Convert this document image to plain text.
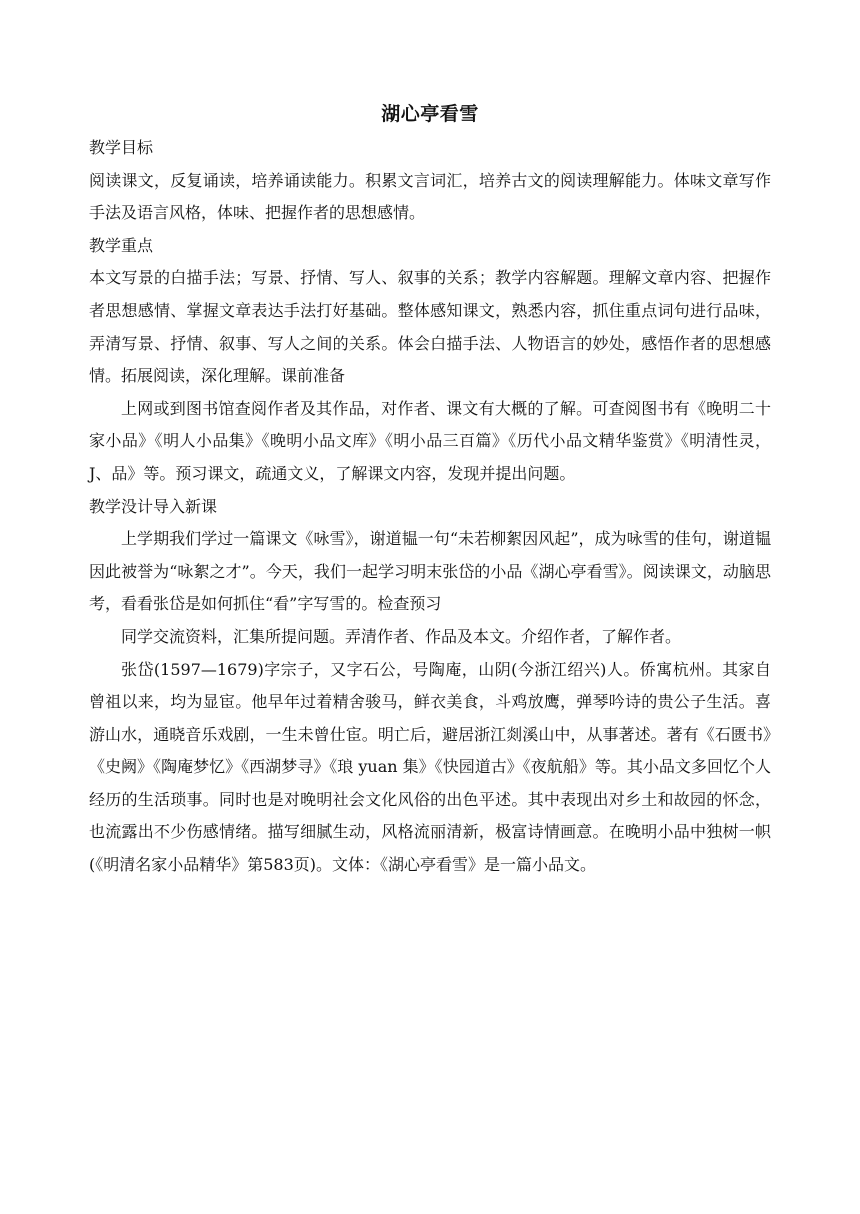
湖心亭看雪

教学目标

阅读课文，反复诵读，培养诵读能力。积累文言词汇，培养古文的阅读理解能力。体味文章写作手法及语言风格，体味、把握作者的思想感情。

教学重点

本文写景的白描手法；写景、抒情、写人、叙事的关系；教学内容解题。理解文章内容、把握作者思想感情、掌握文章表达手法打好基础。整体感知课文，熟悉内容，抓住重点词句进行品味，弄清写景、抒情、叙事、写人之间的关系。体会白描手法、人物语言的妙处，感悟作者的思想感情。拓展阅读，深化理解。课前准备

上网或到图书馆查阅作者及其作品，对作者、课文有大概的了解。可查阅图书有《晚明二十家小品》《明人小品集》《晚明小品文库》《明小品三百篇》《历代小品文精华鉴赏》《明清性灵，J、品》等。预习课文，疏通文义，了解课文内容，发现并提出问题。

教学没计导入新课

上学期我们学过一篇课文《咏雪》，谢道韫一句“未若柳絮因风起”，成为咏雪的佳句，谢道韫因此被誉为“咏絮之才”。今天，我们一起学习明末张岱的小品《湖心亭看雪》。阅读课文，动脑思考，看看张岱是如何抓住“看”字写雪的。检查预习

同学交流资料，汇集所提问题。弄清作者、作品及本文。介绍作者，了解作者。

张岱(1597—1679)字宗子，又字石公，号陶庵，山阴(今浙江绍兴)人。侨寓杭州。其家自曾祖以来，均为显宦。他早年过着精舍骏马，鲜衣美食，斗鸡放鹰，弹琴吟诗的贵公子生活。喜游山水，通晓音乐戏剧，一生未曾仕宦。明亡后，避居浙江剡溪山中，从事著述。著有《石匮书》《史阙》《陶庵梦忆》《西湖梦寻》《琅 yuan 集》《快园道古》《夜航船》等。其小品文多回忆个人经历的生活琐事。同时也是对晚明社会文化风俗的出色平述。其中表现出对乡土和故园的怀念，也流露出不少伤感情绪。描写细腻生动，风格流丽清新，极富诗情画意。在晚明小品中独树一帜(《明清名家小品精华》第583页)。文体：《湖心亭看雪》是一篇小品文。
